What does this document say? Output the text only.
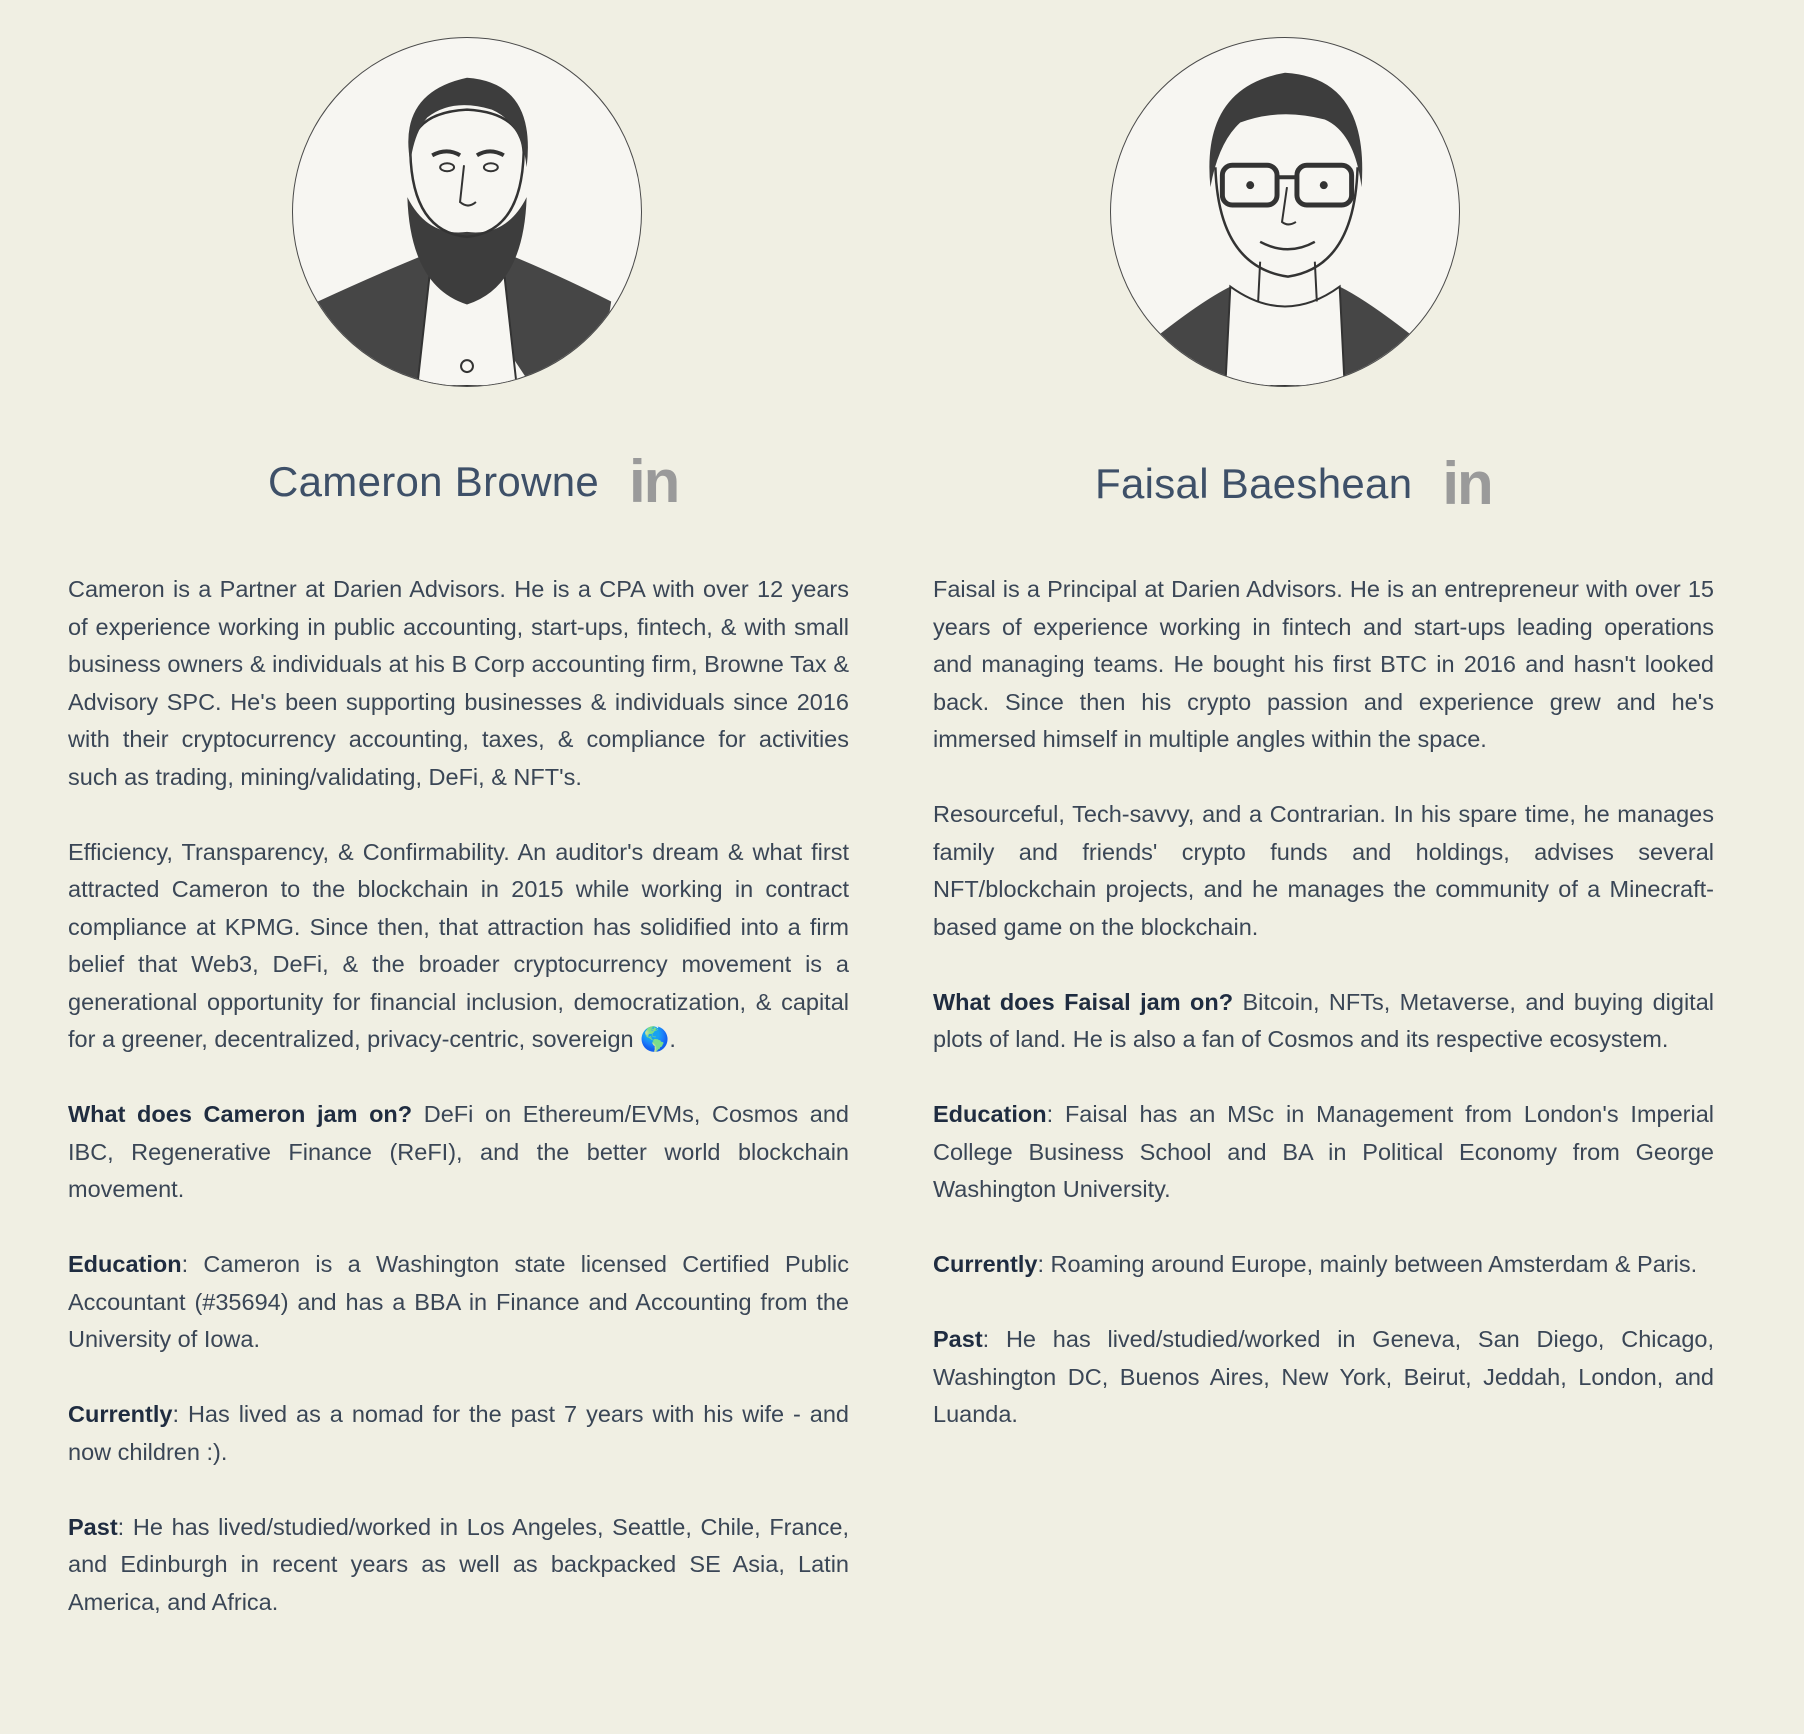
Cameron Browne in

Cameron is a Partner at Darien Advisors. He is a CPA with over 12 years of experience working in public accounting, start-ups, fintech, & with small business owners & individuals at his B Corp accounting firm, Browne Tax & Advisory SPC. He's been supporting businesses & individuals since 2016 with their cryptocurrency accounting, taxes, & compliance for activities such as trading, mining/validating, DeFi, & NFT's.

Efficiency, Transparency, & Confirmability. An auditor's dream & what first attracted Cameron to the blockchain in 2015 while working in contract compliance at KPMG. Since then, that attraction has solidified into a firm belief that Web3, DeFi, & the broader cryptocurrency movement is a generational opportunity for financial inclusion, democratization, & capital for a greener, decentralized, privacy-centric, sovereign 🌎.

What does Cameron jam on? DeFi on Ethereum/EVMs, Cosmos and IBC, Regenerative Finance (ReFI), and the better world blockchain movement.

Education: Cameron is a Washington state licensed Certified Public Accountant (#35694) and has a BBA in Finance and Accounting from the University of Iowa.

Currently: Has lived as a nomad for the past 7 years with his wife - and now children :).

Past: He has lived/studied/worked in Los Angeles, Seattle, Chile, France, and Edinburgh in recent years as well as backpacked SE Asia, Latin America, and Africa.

Faisal Baeshean in

Faisal is a Principal at Darien Advisors. He is an entrepreneur with over 15 years of experience working in fintech and start-ups leading operations and managing teams. He bought his first BTC in 2016 and hasn't looked back. Since then his crypto passion and experience grew and he's immersed himself in multiple angles within the space.

Resourceful, Tech-savvy, and a Contrarian. In his spare time, he manages family and friends' crypto funds and holdings, advises several NFT/blockchain projects, and he manages the community of a Minecraft-based game on the blockchain.

What does Faisal jam on? Bitcoin, NFTs, Metaverse, and buying digital plots of land. He is also a fan of Cosmos and its respective ecosystem.

Education: Faisal has an MSc in Management from London's Imperial College Business School and BA in Political Economy from George Washington University.

Currently: Roaming around Europe, mainly between Amsterdam & Paris.

Past: He has lived/studied/worked in Geneva, San Diego, Chicago, Washington DC, Buenos Aires, New York, Beirut, Jeddah, London, and Luanda.
